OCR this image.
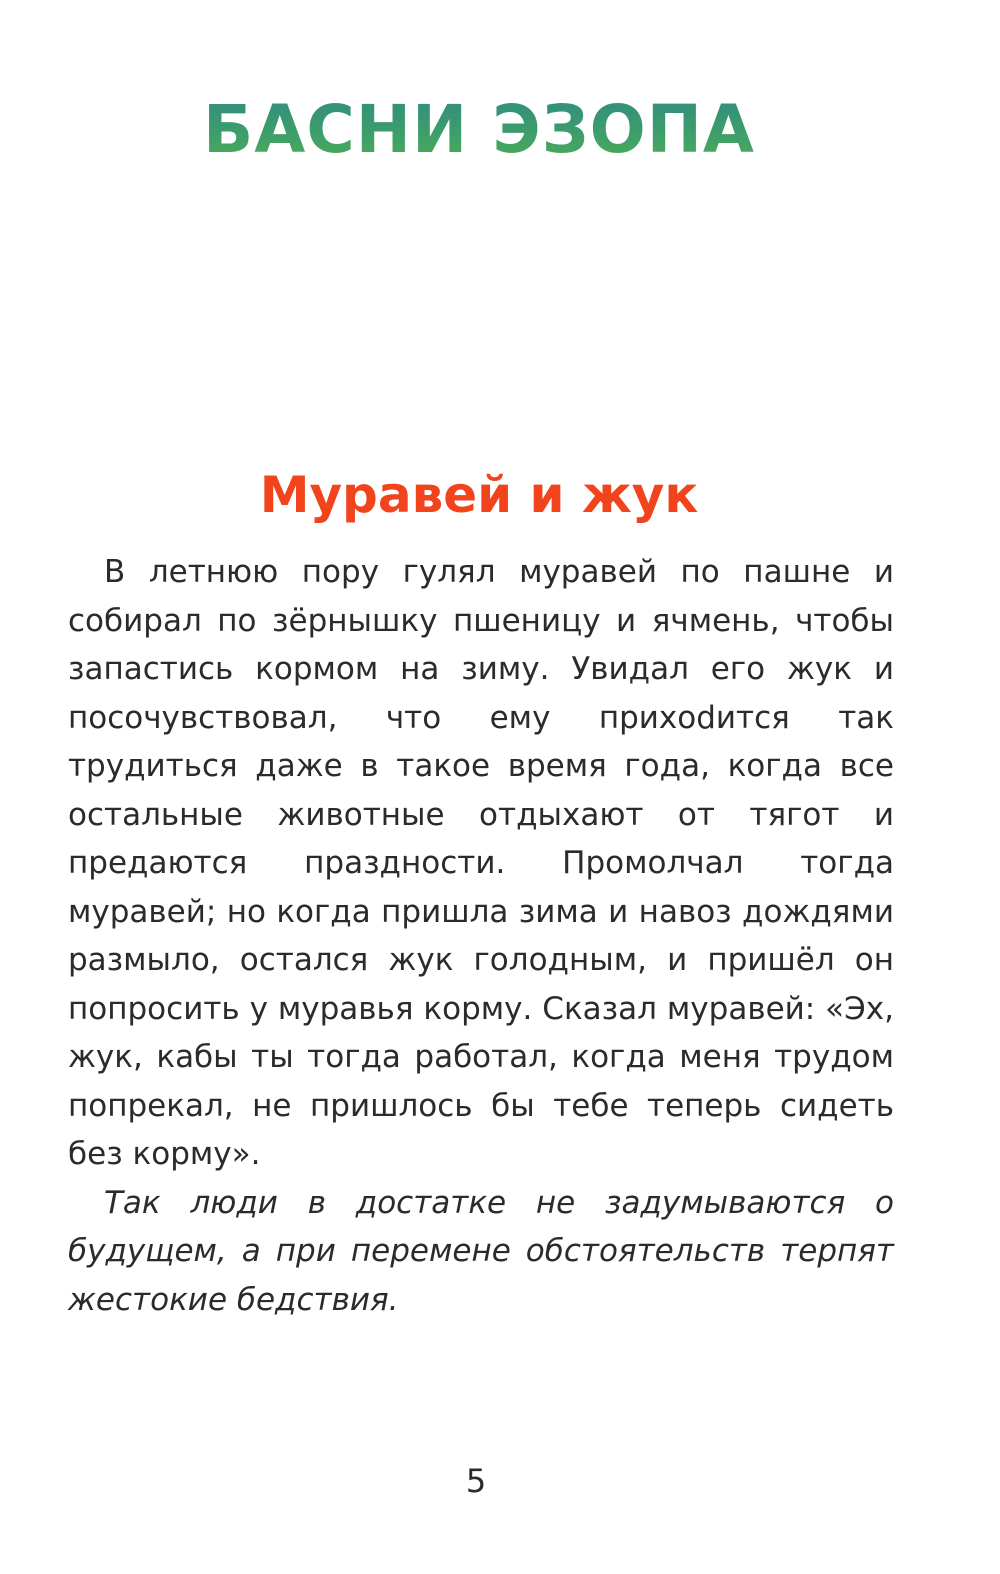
БАСНИ ЭЗОПА
Муравей и жук

В летнюю пору гулял муравей по пашне и собирал по зёрнышку пшеницу и ячмень, чтобы запастись кормом на зиму. Увидал его жук и посочувствовал, что ему прихоdится так трудиться даже в такое время года, когда все остальные животные отдыхают от тягот и предаются праздности. Промолчал тогда муравей; но когда пришла зима и навоз дождями размыло, остался жук голодным, и пришёл он попросить у муравья корму. Сказал муравей: «Эх, жук, кабы ты тогда работал, когда меня трудом попрекал, не пришлось бы тебе теперь сидеть без корму».

Так люди в достатке не задумываются о будущем, а при перемене обстоятельств терпят жестокие бедствия.

5
